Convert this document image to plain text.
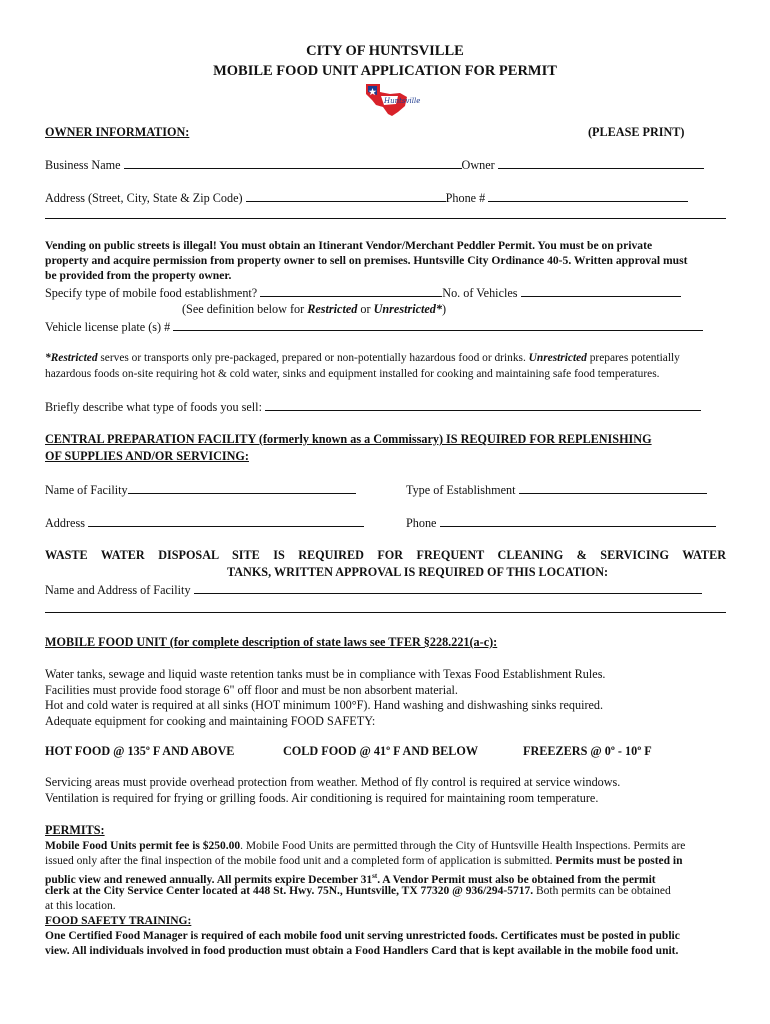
CITY OF HUNTSVILLE
MOBILE FOOD UNIT APPLICATION FOR PERMIT
Huntsville
OWNER INFORMATION:	(PLEASE PRINT)
Business Name	Owner
Address (Street, City, State & Zip Code)	Phone #
Vending on public streets is illegal! You must obtain an Itinerant Vendor/Merchant Peddler Permit. You must be on private
property and acquire permission from property owner to sell on premises. Huntsville City Ordinance 40-5. Written approval must
be provided from the property owner.
Specify type of mobile food establishment?	No. of Vehicles
(See definition below for Restricted or Unrestricted*)
Vehicle license plate (s) #
*Restricted serves or transports only pre-packaged, prepared or non-potentially hazardous food or drinks. Unrestricted prepares potentially
hazardous foods on-site requiring hot & cold water, sinks and equipment installed for cooking and maintaining safe food temperatures.
Briefly describe what type of foods you sell:
CENTRAL PREPARATION FACILITY (formerly known as a Commissary) IS REQUIRED FOR REPLENISHING
OF SUPPLIES AND/OR SERVICING:
Name of Facility	Type of Establishment
Address	Phone
WASTE WATER DISPOSAL SITE IS REQUIRED FOR FREQUENT CLEANING & SERVICING WATER
TANKS, WRITTEN APPROVAL IS REQUIRED OF THIS LOCATION:
Name and Address of Facility
MOBILE FOOD UNIT (for complete description of state laws see TFER §228.221(a-c):
Water tanks, sewage and liquid waste retention tanks must be in compliance with Texas Food Establishment Rules.
Facilities must provide food storage 6" off floor and must be non absorbent material.
Hot and cold water is required at all sinks (HOT minimum 100°F). Hand washing and dishwashing sinks required.
Adequate equipment for cooking and maintaining FOOD SAFETY:
HOT FOOD @ 135º F AND ABOVE	COLD FOOD @ 41º F AND BELOW	FREEZERS @ 0º - 10º F
Servicing areas must provide overhead protection from weather. Method of fly control is required at service windows.
Ventilation is required for frying or grilling foods. Air conditioning is required for maintaining room temperature.
PERMITS:
Mobile Food Units permit fee is $250.00. Mobile Food Units are permitted through the City of Huntsville Health Inspections. Permits are
issued only after the final inspection of the mobile food unit and a completed form of application is submitted. Permits must be posted in
public view and renewed annually. All permits expire December 31st. A Vendor Permit must also be obtained from the permit
clerk at the City Service Center located at 448 St. Hwy. 75N., Huntsville, TX 77320 @ 936/294-5717. Both permits can be obtained
at this location.
FOOD SAFETY TRAINING:
One Certified Food Manager is required of each mobile food unit serving unrestricted foods. Certificates must be posted in public
view. All individuals involved in food production must obtain a Food Handlers Card that is kept available in the mobile food unit.
